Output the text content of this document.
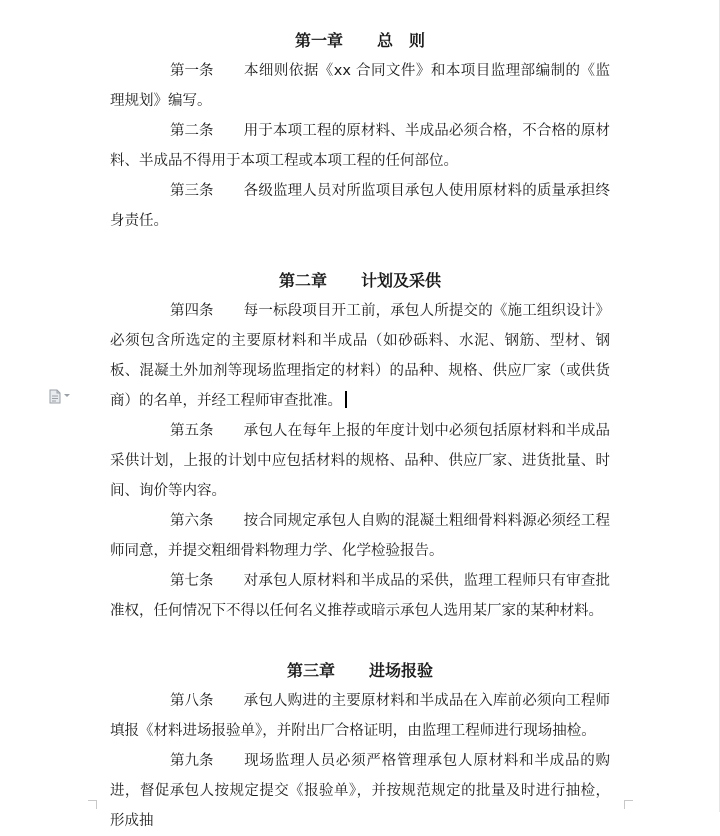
第一章 总　则

第一条 本细则依据《xx 合同文件》和本项目监理部编制的《监理规划》编写。

第二条 用于本项工程的原材料、半成品必须合格，不合格的原材料、半成品不得用于本项工程或本项工程的任何部位。

第三条 各级监理人员对所监项目承包人使用原材料的质量承担终身责任。

第二章 计划及采供

第四条 每一标段项目开工前，承包人所提交的《施工组织设计》必须包含所选定的主要原材料和半成品（如砂砾料、水泥、钢筋、型材、钢板、混凝土外加剂等现场监理指定的材料）的品种、规格、供应厂家（或供货商）的名单，并经工程师审查批准。

第五条 承包人在每年上报的年度计划中必须包括原材料和半成品采供计划，上报的计划中应包括材料的规格、品种、供应厂家、进货批量、时间、询价等内容。

第六条 按合同规定承包人自购的混凝土粗细骨料料源必须经工程师同意，并提交粗细骨料物理力学、化学检验报告。

第七条 对承包人原材料和半成品的采供，监理工程师只有审查批准权，任何情况下不得以任何名义推荐或暗示承包人选用某厂家的某种材料。

第三章 进场报验

第八条 承包人购进的主要原材料和半成品在入库前必须向工程师填报《材料进场报验单》，并附出厂合格证明，由监理工程师进行现场抽检。

第九条 现场监理人员必须严格管理承包人原材料和半成品的购进，督促承包人按规定提交《报验单》，并按规范规定的批量及时进行抽检，形成抽
